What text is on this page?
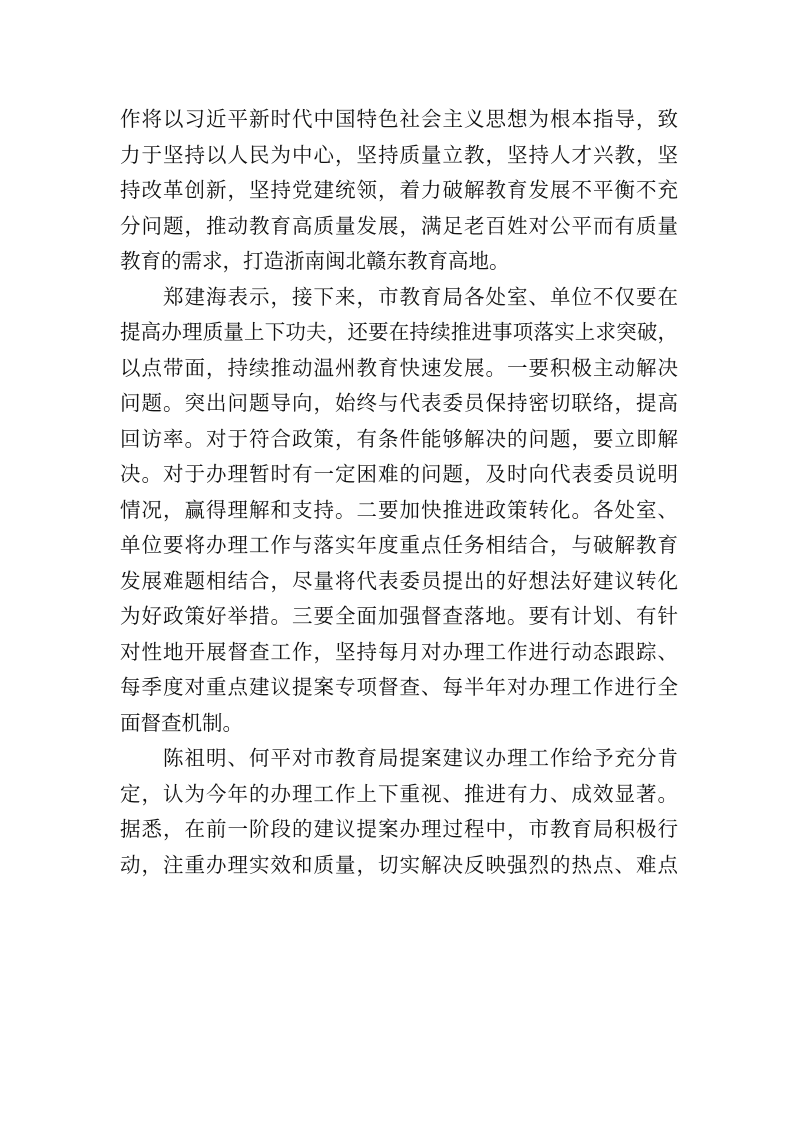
作将以习近平新时代中国特色社会主义思想为根本指导，致
力于坚持以人民为中心，坚持质量立教，坚持人才兴教，坚
持改革创新，坚持党建统领，着力破解教育发展不平衡不充
分问题，推动教育高质量发展，满足老百姓对公平而有质量
教育的需求，打造浙南闽北赣东教育高地。
　　郑建海表示，接下来，市教育局各处室、单位不仅要在
提高办理质量上下功夫，还要在持续推进事项落实上求突破，
以点带面，持续推动温州教育快速发展。一要积极主动解决
问题。突出问题导向，始终与代表委员保持密切联络，提高
回访率。对于符合政策，有条件能够解决的问题，要立即解
决。对于办理暂时有一定困难的问题，及时向代表委员说明
情况，赢得理解和支持。二要加快推进政策转化。各处室、
单位要将办理工作与落实年度重点任务相结合，与破解教育
发展难题相结合，尽量将代表委员提出的好想法好建议转化
为好政策好举措。三要全面加强督查落地。要有计划、有针
对性地开展督查工作，坚持每月对办理工作进行动态跟踪、
每季度对重点建议提案专项督查、每半年对办理工作进行全
面督查机制。
　　陈祖明、何平对市教育局提案建议办理工作给予充分肯
定，认为今年的办理工作上下重视、推进有力、成效显著。
据悉，在前一阶段的建议提案办理过程中，市教育局积极行
动，注重办理实效和质量，切实解决反映强烈的热点、难点
